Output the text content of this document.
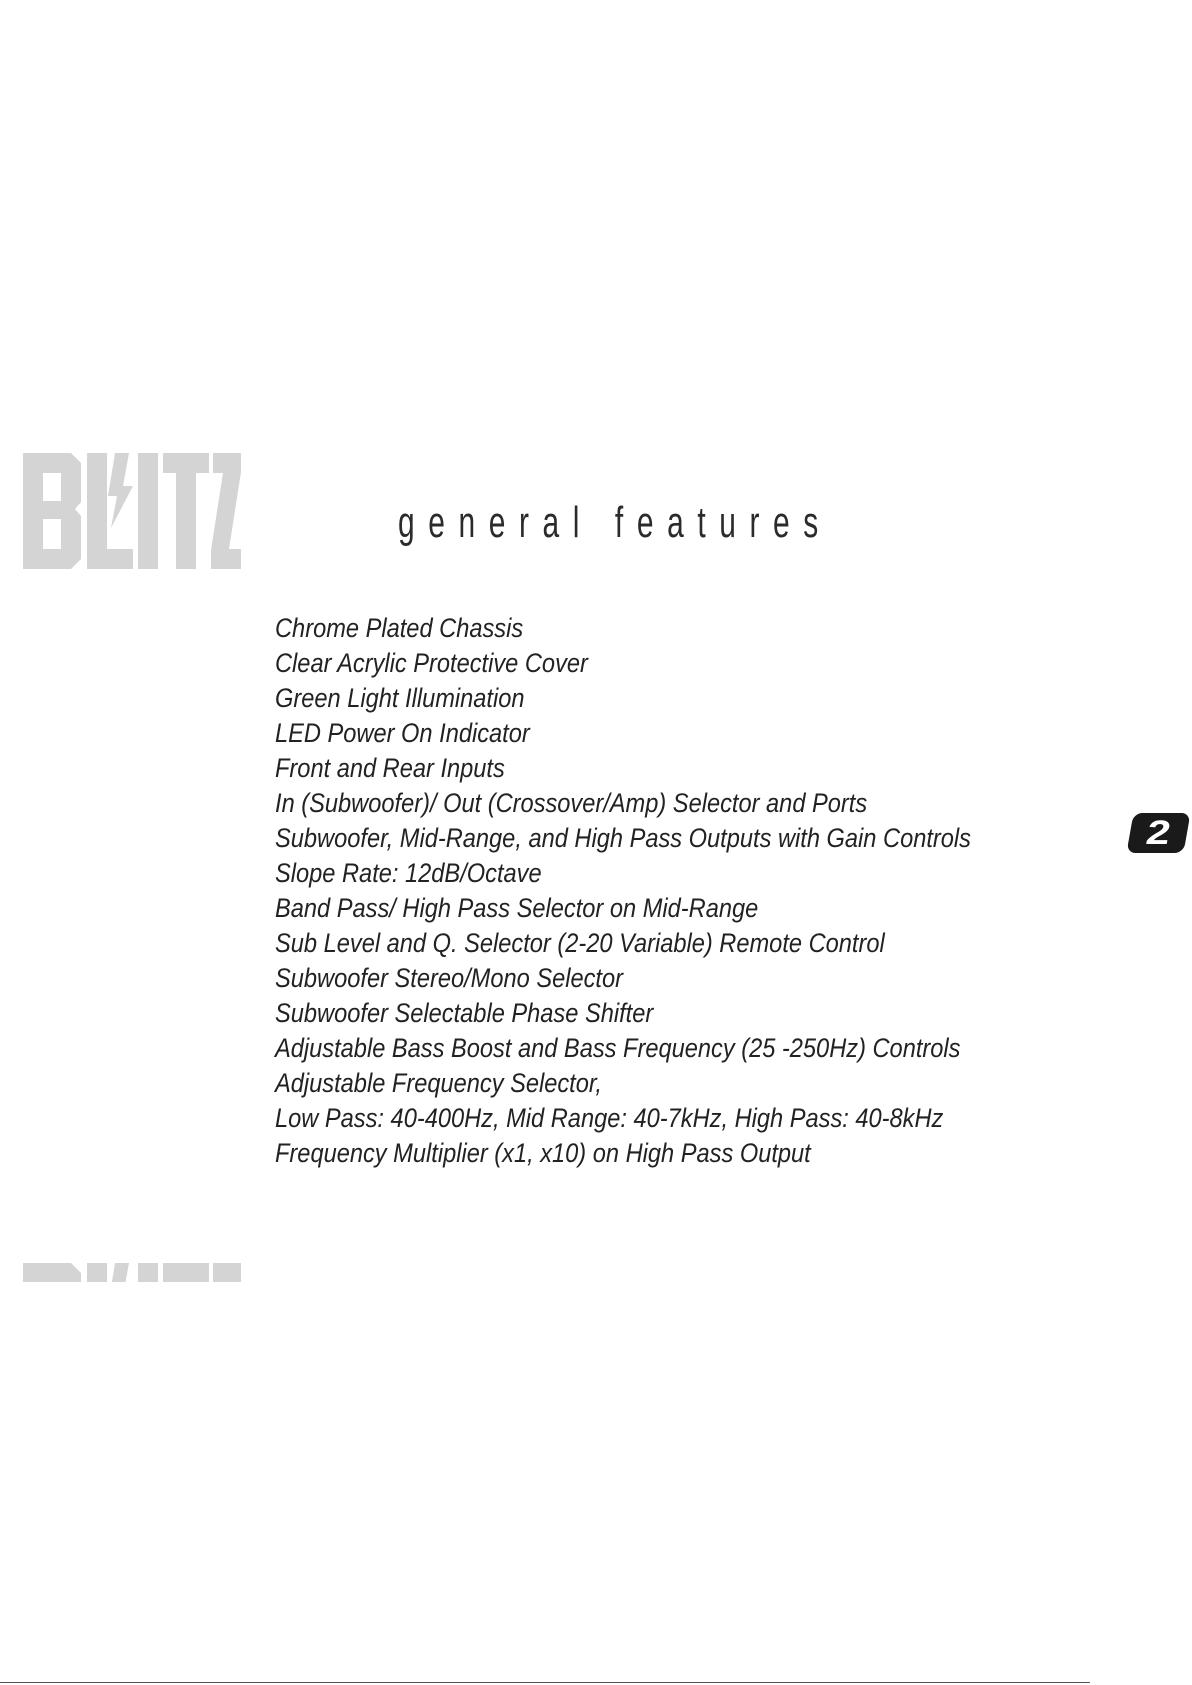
general features
Chrome Plated Chassis
Clear Acrylic Protective Cover
Green Light Illumination
LED Power On Indicator
Front and Rear Inputs
In (Subwoofer)/ Out (Crossover/Amp) Selector and Ports
Subwoofer, Mid-Range, and High Pass Outputs with Gain Controls
Slope Rate: 12dB/Octave
Band Pass/ High Pass Selector on Mid-Range
Sub Level and Q. Selector (2-20 Variable) Remote Control
Subwoofer Stereo/Mono Selector
Subwoofer Selectable Phase Shifter
Adjustable Bass Boost and Bass Frequency (25 -250Hz) Controls
Adjustable Frequency Selector,
Low Pass: 40-400Hz, Mid Range: 40-7kHz, High Pass: 40-8kHz
Frequency Multiplier (x1, x10) on High Pass Output
2
